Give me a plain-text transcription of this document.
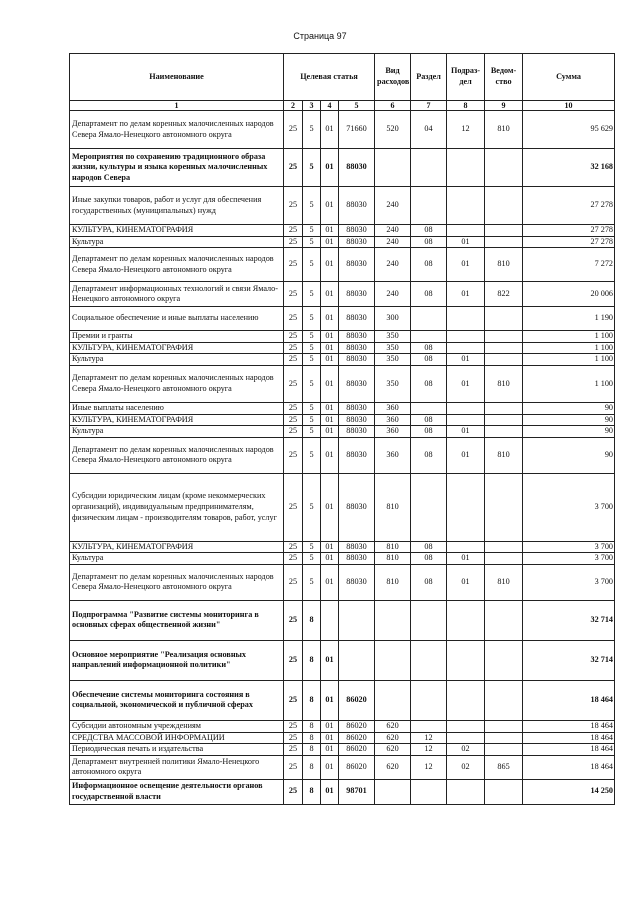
Страница 97
Наименование	Целевая статья				Вид расходов	Раздел	Подраз-дел	Ведом-ство	Сумма
1	2	3	4	5	6	7	8	9	10
Департамент по делам коренных малочисленных народов Севера Ямало-Ненецкого автономного округа	25	5	01	71660	520	04	12	810	95 629
Мероприятия по сохранению традиционного образа жизни, культуры и языка коренных малочисленных народов Севера	25	5	01	88030					32 168
Иные закупки товаров, работ и услуг для обеспечения государственных (муниципальных) нужд	25	5	01	88030	240				27 278
КУЛЬТУРА, КИНЕМАТОГРАФИЯ	25	5	01	88030	240	08			27 278
Культура	25	5	01	88030	240	08	01		27 278
Департамент по делам коренных малочисленных народов Севера Ямало-Ненецкого автономного округа	25	5	01	88030	240	08	01	810	7 272
Департамент информационных технологий и связи Ямало-Ненецкого автономного округа	25	5	01	88030	240	08	01	822	20 006
Социальное обеспечение и иные выплаты населению	25	5	01	88030	300				1 190
Премии и гранты	25	5	01	88030	350				1 100
КУЛЬТУРА, КИНЕМАТОГРАФИЯ	25	5	01	88030	350	08			1 100
Культура	25	5	01	88030	350	08	01		1 100
Департамент по делам коренных малочисленных народов Севера Ямало-Ненецкого автономного округа	25	5	01	88030	350	08	01	810	1 100
Иные выплаты населению	25	5	01	88030	360				90
КУЛЬТУРА, КИНЕМАТОГРАФИЯ	25	5	01	88030	360	08			90
Культура	25	5	01	88030	360	08	01		90
Департамент по делам коренных малочисленных народов Севера Ямало-Ненецкого автономного округа	25	5	01	88030	360	08	01	810	90
Субсидии юридическим лицам (кроме некоммерческих организаций), индивидуальным предпринимателям, физическим лицам - производителям товаров, работ, услуг	25	5	01	88030	810				3 700
КУЛЬТУРА, КИНЕМАТОГРАФИЯ	25	5	01	88030	810	08			3 700
Культура	25	5	01	88030	810	08	01		3 700
Департамент по делам коренных малочисленных народов Севера Ямало-Ненецкого автономного округа	25	5	01	88030	810	08	01	810	3 700
Подпрограмма "Развитие системы мониторинга в основных сферах общественной жизни"	25	8							32 714
Основное мероприятие "Реализация основных направлений информационной политики"	25	8	01						32 714
Обеспечение системы мониторинга состояния в социальной, экономической и публичной сферах	25	8	01	86020					18 464
Субсидии автономным учреждениям	25	8	01	86020	620				18 464
СРЕДСТВА МАССОВОЙ ИНФОРМАЦИИ	25	8	01	86020	620	12			18 464
Периодическая печать и издательства	25	8	01	86020	620	12	02		18 464
Департамент внутренней политики Ямало-Ненецкого автономного округа	25	8	01	86020	620	12	02	865	18 464
Информационное освещение деятельности органов государственной власти	25	8	01	98701					14 250
